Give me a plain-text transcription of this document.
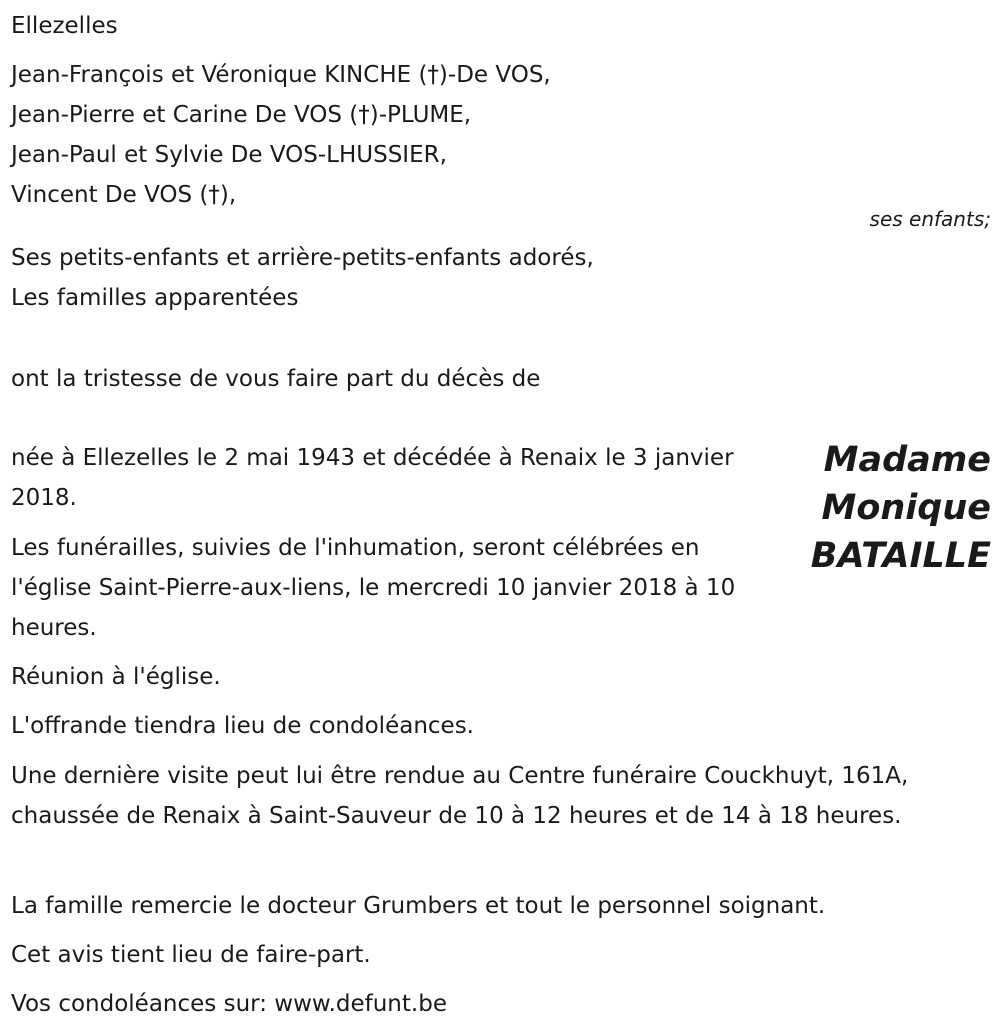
Ellezelles
Jean-François et Véronique KINCHE (†)-De VOS,
Jean-Pierre et Carine De VOS (†)-PLUME,
Jean-Paul et Sylvie De VOS-LHUSSIER,
Vincent De VOS (†),
ses enfants;
Ses petits-enfants et arrière-petits-enfants adorés,
Les familles apparentées
ont la tristesse de vous faire part du décès de
Madame
Monique
BATAILLE
née à Ellezelles le 2 mai 1943 et décédée à Renaix le 3 janvier 2018.
Les funérailles, suivies de l'inhumation, seront célébrées en l'église Saint-Pierre-aux-liens, le mercredi 10 janvier 2018 à 10 heures.
Réunion à l'église.
L'offrande tiendra lieu de condoléances.
Une dernière visite peut lui être rendue au Centre funéraire Couckhuyt, 161A, chaussée de Renaix à Saint-Sauveur de 10 à 12 heures et de 14 à 18 heures.
La famille remercie le docteur Grumbers et tout le personnel soignant.
Cet avis tient lieu de faire-part.
Vos condoléances sur: www.defunt.be
